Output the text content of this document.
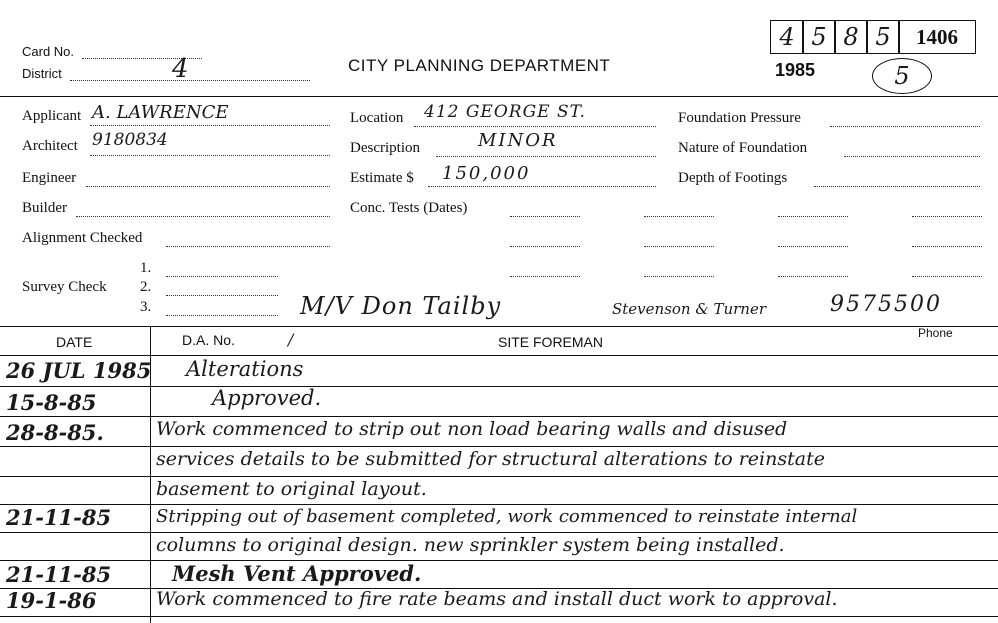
Card No.
District	4	CITY PLANNING DEPARTMENT
4 5 8 5	1406
1985	5
Applicant A. LAWRENCE
Architect 9180834
Engineer
Builder
Alignment Checked
1.
Survey Check 2.
3.
Location 412 GEORGE ST.
Description	MINOR
Estimate $ 150,000
Conc. Tests (Dates)
Foundation Pressure
Nature of Foundation
Depth of Footings
M/V Don Tailby	Stevenson & Turner	9575500
Phone
DATE	D.A. No.	/	SITE FOREMAN
26 JUL 1985 Alterations
15-8-85	Approved.
28-8-85.	Work commenced to strip out non load bearing walls and disused
services details to be submitted for structural alterations to reinstate
basement to original layout.
21-11-85 Stripping out of basement completed, work commenced to reinstate internal
columns to original design. new sprinkler system being installed.
21-11-85	Mesh Vent Approved.
19-1-86	Work commenced to fire rate beams and install duct work to approval.
